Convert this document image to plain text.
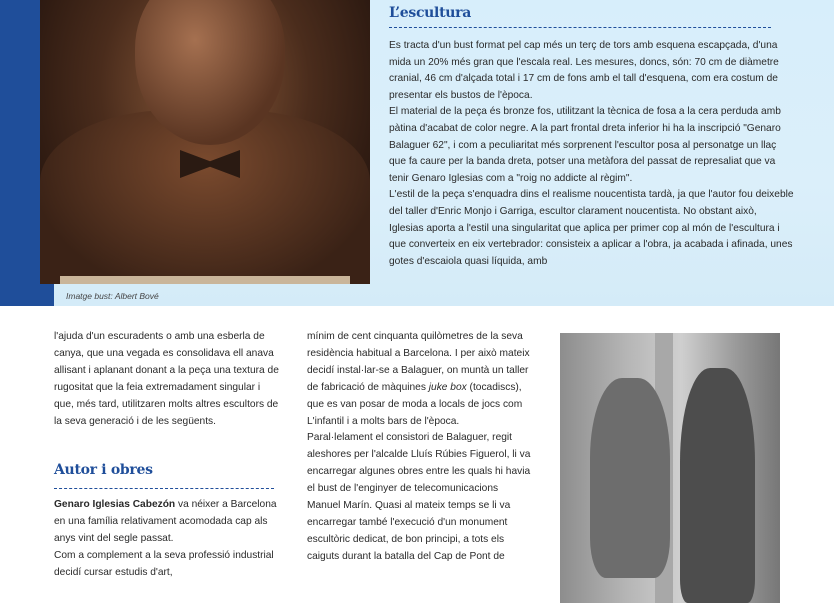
Imatge bust: Albert Bové
L’escultura
Es tracta d'un bust format pel cap més un terç de tors amb esquena escapçada, d'una mida un 20% més gran que l'escala real. Les mesures, doncs, són: 70 cm de diàmetre cranial, 46 cm d'alçada total i 17 cm de fons amb el tall d'esquena, com era costum de presentar els bustos de l'època.
El material de la peça és bronze fos, utilitzant la tècnica de fosa a la cera perduda amb pàtina d'acabat de color negre. A la part frontal dreta inferior hi ha la inscripció "Genaro Balaguer 62", i com a peculiaritat més sorprenent l'escultor posa al personatge un llaç que fa caure per la banda dreta, potser una metàfora del passat de represaliat que va tenir Genaro Iglesias com a "roig no addicte al règim".
L'estil de la peça s'enquadra dins el realisme noucentista tardà, ja que l'autor fou deixeble del taller d'Enric Monjo i Garriga, escultor clarament noucentista. No obstant això, Iglesias aporta a l'estil una singularitat que aplica per primer cop al món de l'escultura i que converteix en eix vertebrador: consisteix a aplicar a l'obra, ja acabada i afinada, unes gotes d'escaiola quasi líquida, amb
l'ajuda d'un escuradents o amb una esberla de canya, que una vegada es consolidava ell anava allisant i aplanant donant a la peça una textura de rugositat que la feia extremadament singular i que, més tard, utilitzaren molts altres escultors de la seva generació i de les següents.
Autor i obres

Genaro Iglesias Cabezón va néixer a Barcelona en una família relativament acomodada cap als anys vint del segle passat.

Com a complement a la seva professió industrial decidí cursar estudis d'art,

mínim de cent cinquanta quilòmetres de la seva residència habitual a Barcelona. I per això mateix decidí instal·lar-se a Balaguer, on muntà un taller de fabricació de màquines juke box (tocadiscs), que es van posar de moda a locals de jocs com L'infantil i a molts bars de l'època.

Paral·lelament el consistori de Balaguer, regit aleshores per l'alcalde Lluís Rúbies Figuerol, li va encarregar algunes obres entre les quals hi havia el bust de l'enginyer de telecomunicacions Manuel Marín. Quasi al mateix temps se li va encarregar també l'execució d'un monument escultòric dedicat, de bon principi, a tots els caiguts durant la batalla del Cap de Pont de
